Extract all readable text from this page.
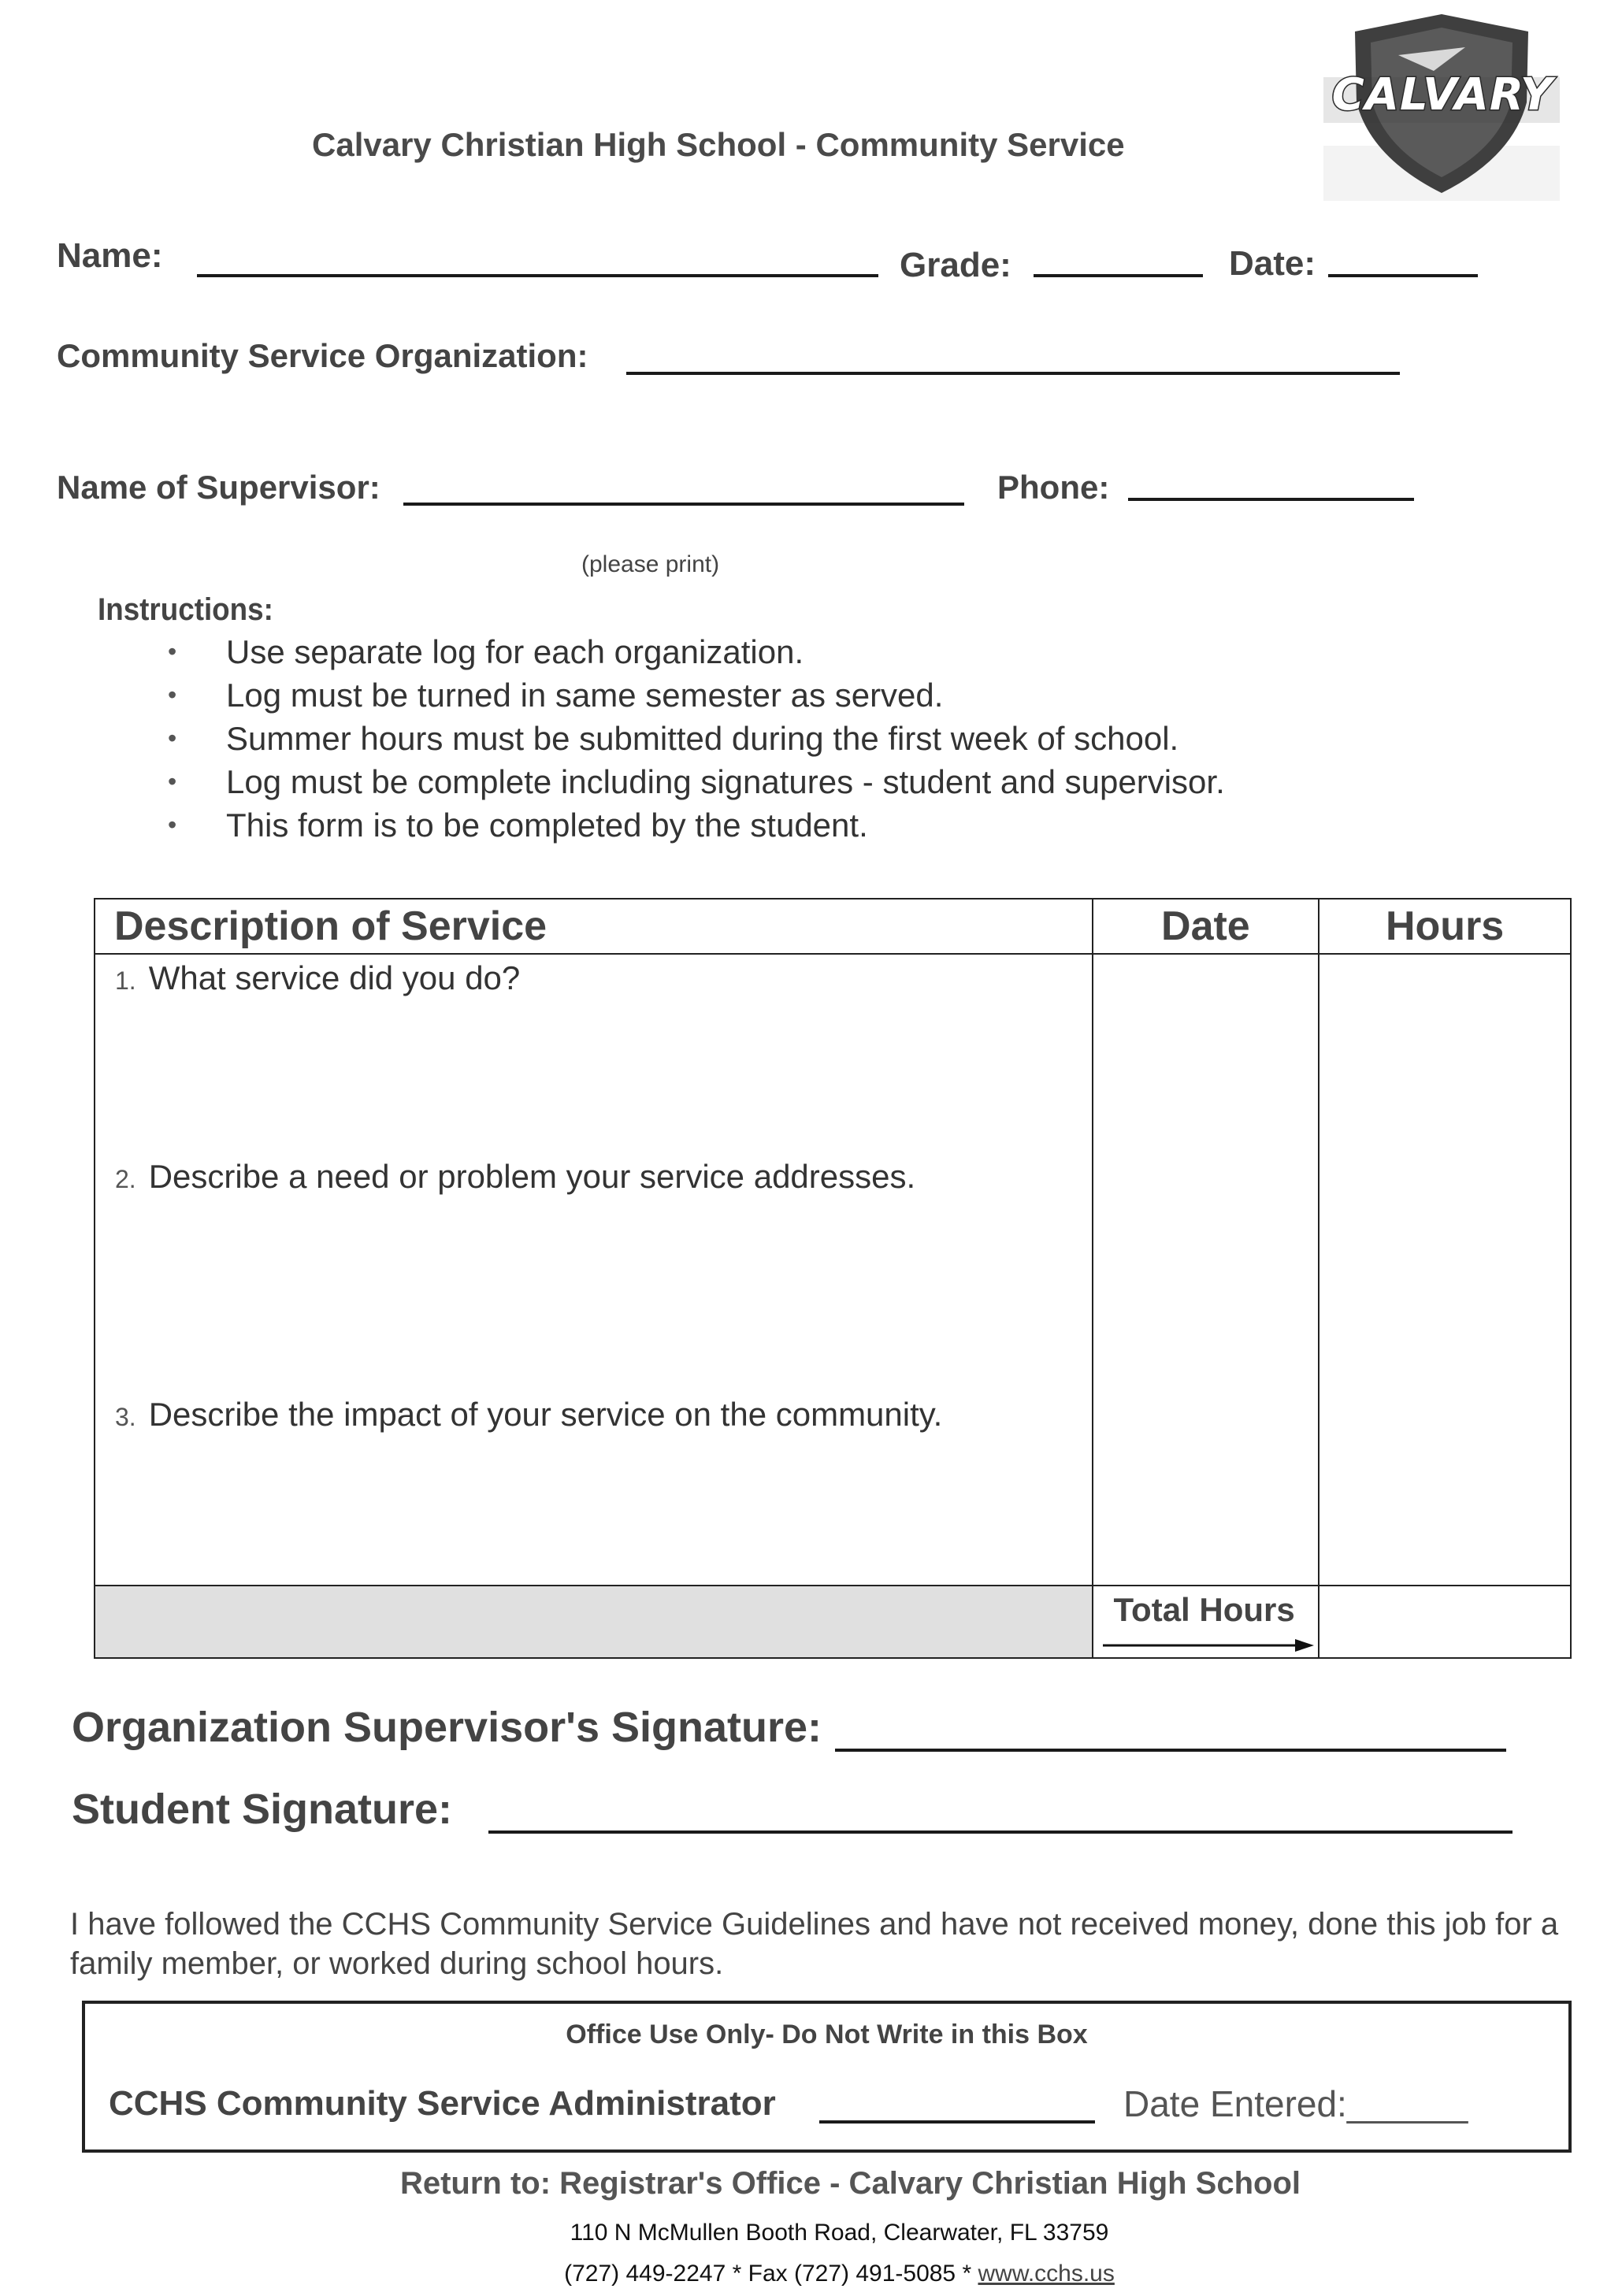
CALVARY
Calvary Christian High School - Community Service
Name:	Grade:	Date:
Community Service Organization:
Name of Supervisor:	Phone:
(please print)
Instructions:
• Use separate log for each organization.
• Log must be turned in same semester as served.
• Summer hours must be submitted during the first week of school.
• Log must be complete including signatures - student and supervisor.
• This form is to be completed by the student.
Description of Service	Date	Hours

	Total Hours	

1. What service did you do?
2. Describe a need or problem your service addresses.
3. Describe the impact of your service on the community.
Organization Supervisor's Signature:
Student Signature:
I have followed the CCHS Community Service Guidelines and have not received money, done this job for a family member, or worked during school hours.
Office Use Only- Do Not Write in this Box
CCHS Community Service Administrator	Date Entered:______
Return to: Registrar's Office - Calvary Christian High School
110 N McMullen Booth Road, Clearwater, FL 33759
(727) 449-2247 * Fax (727) 491-5085 * www.cchs.us
